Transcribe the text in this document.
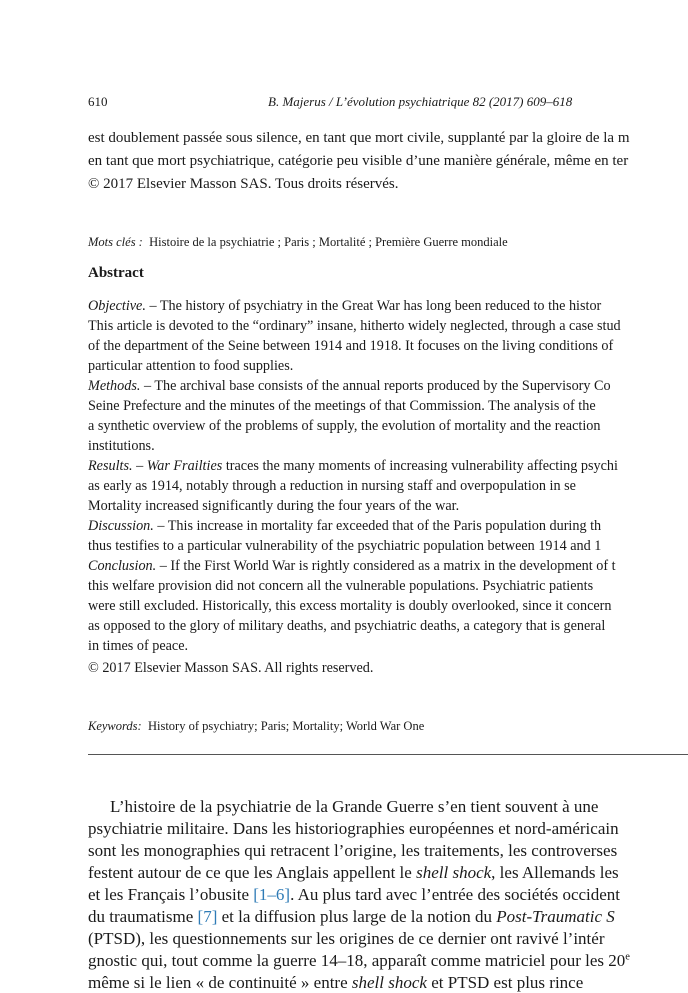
610	B. Majerus / L’évolution psychiatrique 82 (2017) 609–618
est doublement passée sous silence, en tant que mort civile, supplanté par la gloire de la m
en tant que mort psychiatrique, catégorie peu visible d’une manière générale, même en ter
© 2017 Elsevier Masson SAS. Tous droits réservés.
Mots clés : Histoire de la psychiatrie ; Paris ; Mortalité ; Première Guerre mondiale
Abstract
Objective. – The history of psychiatry in the Great War has long been reduced to the histor
This article is devoted to the “ordinary” insane, hitherto widely neglected, through a case stud
of the department of the Seine between 1914 and 1918. It focuses on the living conditions of
particular attention to food supplies.
Methods. – The archival base consists of the annual reports produced by the Supervisory Co
Seine Prefecture and the minutes of the meetings of that Commission. The analysis of the
a synthetic overview of the problems of supply, the evolution of mortality and the reaction
institutions.
Results. – War Frailties traces the many moments of increasing vulnerability affecting psychi
as early as 1914, notably through a reduction in nursing staff and overpopulation in se
Mortality increased significantly during the four years of the war.
Discussion. – This increase in mortality far exceeded that of the Paris population during th
thus testifies to a particular vulnerability of the psychiatric population between 1914 and 1
Conclusion. – If the First World War is rightly considered as a matrix in the development of t
this welfare provision did not concern all the vulnerable populations. Psychiatric patients
were still excluded. Historically, this excess mortality is doubly overlooked, since it concern
as opposed to the glory of military deaths, and psychiatric deaths, a category that is general
in times of peace.
© 2017 Elsevier Masson SAS. All rights reserved.
Keywords: History of psychiatry; Paris; Mortality; World War One
L’histoire de la psychiatrie de la Grande Guerre s’en tient souvent à une
psychiatrie militaire. Dans les historiographies européennes et nord-américain
sont les monographies qui retracent l’origine, les traitements, les controverses
festent autour de ce que les Anglais appellent le shell shock, les Allemands les
et les Français l’obusite [1–6]. Au plus tard avec l’entrée des sociétés occident
du traumatisme [7] et la diffusion plus large de la notion du Post-Traumatic S
(PTSD), les questionnements sur les origines de ce dernier ont ravivé l’intér
gnostic qui, tout comme la guerre 14–18, apparaît comme matriciel pour les 20e
même si le lien « de continuité » entre shell shock et PTSD est plus rince
